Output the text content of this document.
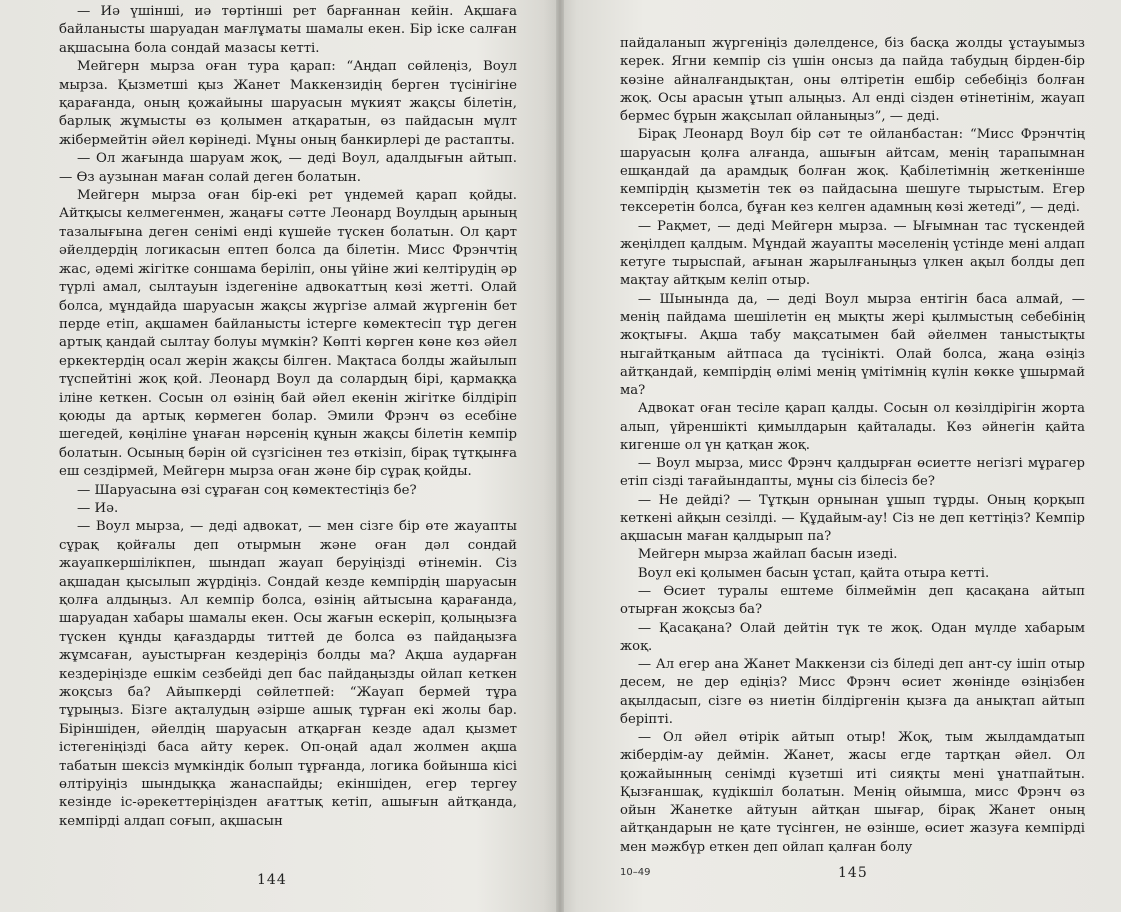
— Иә үшінші, иә төртінші рет барғаннан кейін. Ақшаға байланысты шаруадан мағлұматы шамалы екен. Бір іске салған ақшасына бола сондай мазасы кетті.

Мейгерн мырза оған тура қарап: “Аңдап сөйлеңіз, Воул мырза. Қызметші қыз Жанет Маккензидің берген түсінігіне қарағанда, оның қожайыны шаруасын мүкият жақсы білетін, барлық жұмысты өз қолымен атқаратын, өз пайдасын мүлт жібермейтін әйел көрінеді. Мұны оның банкирлері де растапты.

— Ол жағында шаруам жоқ, — деді Воул, адалдығын айтып. — Өз аузынан маған солай деген болатын.

Мейгерн мырза оған бір-екі рет үндемей қарап қойды. Айтқысы келмегенмен, жаңағы сәтте Леонард Воулдың арының тазалығына деген сенімі енді күшейе түскен болатын. Ол қарт әйелдердің логикасын ептеп болса да білетін. Мисс Фрэнчтің жас, әдемі жігітке соншама беріліп, оны үйіне жиі келтірудің әр түрлі амал, сылтауын іздегеніне адвокаттың көзі жетті. Олай болса, мұндайда шаруасын жақсы жүргізе алмай жүргенін бет перде етіп, ақшамен байланысты істерге көмектесіп тұр деген артық қандай сылтау болуы мүмкін? Көпті көрген көне көз әйел еркектердің осал жерін жақсы білген. Мақтаса болды жайылып түспейтіні жоқ қой. Леонард Воул да солардың бірі, қармаққа іліне кеткен. Сосын ол өзінің бай әйел екенін жігітке білдіріп қоюды да артық көрмеген болар. Эмили Фрэнч өз есебіне шегедей, көңіліне ұнаған нәрсенің құнын жақсы білетін кемпір болатын. Осының бәрін ой сүзгісінен тез өткізіп, бірақ тұтқынға еш сездірмей, Мейгерн мырза оған және бір сұрақ қойды.

— Шаруасына өзі сұраған соң көмектестіңіз бе?

— Иә.

— Воул мырза, — деді адвокат, — мен сізге бір өте жауапты сұрақ қойғалы деп отырмын және оған дәл сондай жауапкершілікпен, шындап жауап беруіңізді өтінемін. Сіз ақшадан қысылып жүрдіңіз. Сондай кезде кемпірдің шаруасын қолға алдыңыз. Ал кемпір болса, өзінің айтысына қарағанда, шаруадан хабары шамалы екен. Осы жағын ескеріп, қолыңызға түскен құнды қағаздарды титтей де болса өз пайдаңызға жұмсаған, ауыстырған кездеріңіз болды ма? Ақша аударған кездеріңізде ешкім сезбейді деп бас пайдаңызды ойлап кеткен жоқсыз ба? Айыпкерді сөйлетпей: “Жауап бермей тұра тұрыңыз. Бізге ақталудың әзірше ашық тұрған екі жолы бар. Біріншіден, әйелдің шаруасын атқарған кезде адал қызмет істегеніңізді баса айту керек. Оп-оңай адал жолмен ақша табатын шексіз мүмкіндік болып тұрғанда, логика бойынша кісі өлтіруіңіз шындыққа жанаспайды; екіншіден, егер тергеу кезінде іс-әрекеттеріңізден ағаттық кетіп, ашығын айтқанда, кемпірді алдап соғып, ақшасын

144

пайдаланып жүргеніңіз дәлелденсе, біз басқа жолды ұстауымыз керек. Ягни кемпір сіз үшін онсыз да пайда табудың бірден-бір көзіне айналғандықтан, оны өлтіретін ешбір себебіңіз болған жоқ. Осы арасын ұтып алыңыз. Ал енді сізден өтінетінім, жауап бермес бұрын жақсылап ойланыңыз”, — деді.

Бірақ Леонард Воул бір сәт те ойланбастан: “Мисс Фрэнчтің шаруасын қолға алғанда, ашығын айтсам, менің тарапымнан ешқандай да арамдық болған жоқ. Қабілетімнің жеткенінше кемпірдің қызметін тек өз пайдасына шешуге тырыстым. Егер тексеретін болса, бұған кез келген адамның көзі жетеді”, — деді.

— Рақмет, — деді Мейгерн мырза. — Ығымнан тас түскендей жеңілдеп қалдым. Мұндай жауапты мәселенің үстінде мені алдап кетуге тырыспай, ағынан жарылғаныңыз үлкен ақыл болды деп мақтау айтқым келіп отыр.

— Шынында да, — деді Воул мырза ентігін баса алмай, — менің пайдама шешілетін ең мықты жері қылмыстың себебінің жоқтығы. Ақша табу мақсатымен бай әйелмен таныстықты ныгайтқаным айтпаса да түсінікті. Олай болса, жаңа өзіңіз айтқандай, кемпірдің өлімі менің үмітімнің күлін көкке ұшырмай ма?

Адвокат оған тесіле қарап қалды. Сосын ол көзілдірігін жорта алып, үйреншікті қимылдарын қайталады. Көз әйнегін қайта кигенше ол үн қатқан жоқ.

— Воул мырза, мисс Фрэнч қалдырған өсиетте негізгі мұрагер етіп сізді тағайындапты, мұны сіз білесіз бе?

— Не дейді? — Тұтқын орнынан ұшып тұрды. Оның қорқып кеткені айқын сезілді. — Құдайым-ау! Сіз не деп кеттіңіз? Кемпір ақшасын маған қалдырып па?

Мейгерн мырза жайлап басын изеді.

Воул екі қолымен басын ұстап, қайта отыра кетті.

— Өсиет туралы ештеме білмеймін деп қасақана айтып отырған жоқсыз ба?

— Қасақана? Олай дейтін түк те жоқ. Одан мүлде хабарым жоқ.

— Ал егер ана Жанет Маккензи сіз біледі деп ант-су ішіп отыр десем, не дер едіңіз? Мисс Фрэнч өсиет жөнінде өзіңізбен ақылдасып, сізге өз ниетін білдіргенін қызға да анықтап айтып беріпті.

— Ол әйел өтірік айтып отыр! Жоқ, тым жылдамдатып жібердім-ау деймін. Жанет, жасы егде тартқан әйел. Ол қожайынның сенімді күзетші иті сияқты мені ұнатпайтын. Қызғаншақ, күдікшіл болатын. Менің ойымша, мисс Фрэнч өз ойын Жанетке айтуын айтқан шығар, бірақ Жанет оның айтқандарын не қате түсінген, не өзінше, өсиет жазуға кемпірді мен мәжбүр еткен деп ойлап қалған болу

10–49	145
